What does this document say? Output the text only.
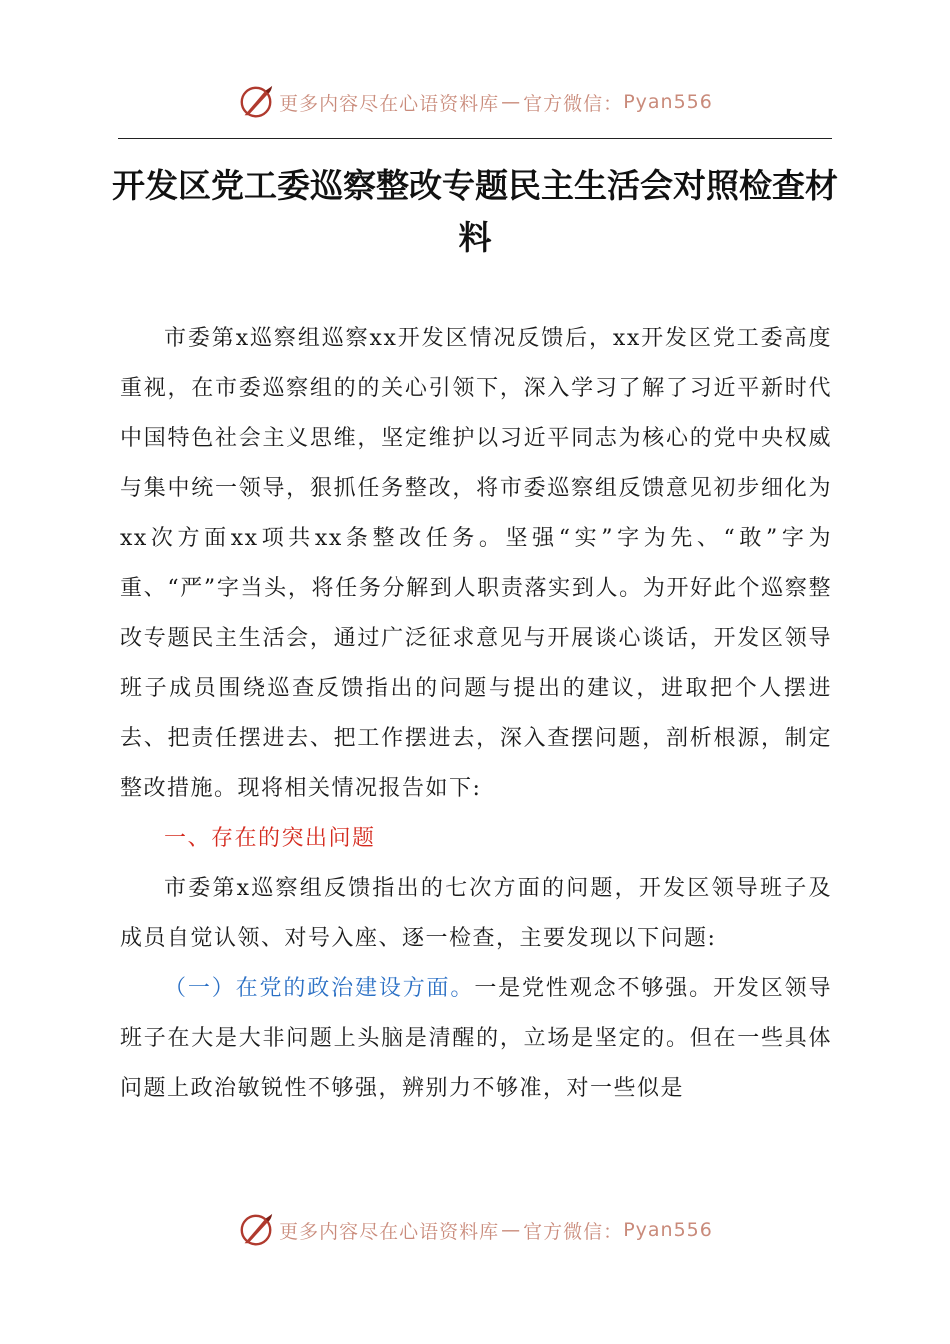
更多内容尽在心语资料库 — 官方微信： Pyan556
开发区党工委巡察整改专题民主生活会对照检查材料

市委第x巡察组巡察xx开发区情况反馈后，xx开发区党工委高度重视，在市委巡察组的的关心引领下，深入学习了解了习近平新时代中国特色社会主义思维，坚定维护以习近平同志为核心的党中央权威与集中统一领导，狠抓任务整改，将市委巡察组反馈意见初步细化为xx次方面xx项共xx条整改任务。坚强“实”字为先、“敢”字为重、“严”字当头，将任务分解到人职责落实到人。为开好此个巡察整改专题民主生活会，通过广泛征求意见与开展谈心谈话，开发区领导班子成员围绕巡查反馈指出的问题与提出的建议，进取把个人摆进去、把责任摆进去、把工作摆进去，深入查摆问题，剖析根源，制定整改措施。现将相关情况报告如下:

一、存在的突出问题

市委第x巡察组反馈指出的七次方面的问题，开发区领导班子及成员自觉认领、对号入座、逐一检查，主要发现以下问题:

（一）在党的政治建设方面。一是党性观念不够强。开发区领导班子在大是大非问题上头脑是清醒的，立场是坚定的。但在一些具体问题上政治敏锐性不够强，辨别力不够准，对一些似是

更多内容尽在心语资料库 — 官方微信： Pyan556
